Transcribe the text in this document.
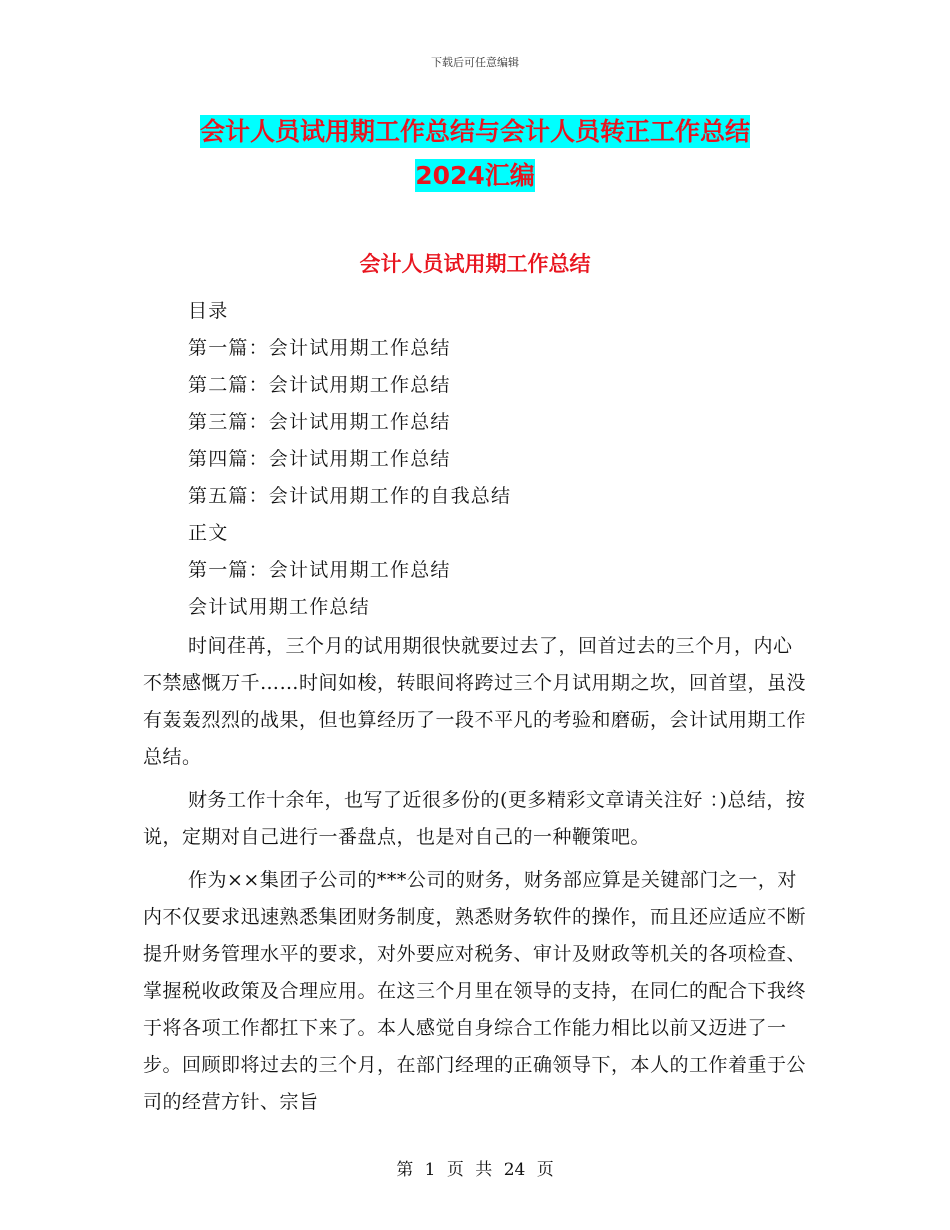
下载后可任意编辑
会计人员试用期工作总结与会计人员转正工作总结
2024汇编
会计人员试用期工作总结
目录
第一篇：会计试用期工作总结
第二篇：会计试用期工作总结
第三篇：会计试用期工作总结
第四篇：会计试用期工作总结
第五篇：会计试用期工作的自我总结
正文
第一篇：会计试用期工作总结
会计试用期工作总结

时间荏苒，三个月的试用期很快就要过去了，回首过去的三个月，内心不禁感慨万千……时间如梭，转眼间将跨过三个月试用期之坎，回首望，虽没有轰轰烈烈的战果，但也算经历了一段不平凡的考验和磨砺，会计试用期工作总结。

财务工作十余年，也写了近很多份的(更多精彩文章请关注好 ：)总结，按说，定期对自己进行一番盘点，也是对自己的一种鞭策吧。

作为××集团子公司的***公司的财务，财务部应算是关键部门之一，对内不仅要求迅速熟悉集团财务制度，熟悉财务软件的操作，而且还应适应不断提升财务管理水平的要求，对外要应对税务、审计及财政等机关的各项检查、掌握税收政策及合理应用。在这三个月里在领导的支持，在同仁的配合下我终于将各项工作都扛下来了。本人感觉自身综合工作能力相比以前又迈进了一步。回顾即将过去的三个月，在部门经理的正确领导下，本人的工作着重于公司的经营方针、宗旨

第 1 页 共 24 页
